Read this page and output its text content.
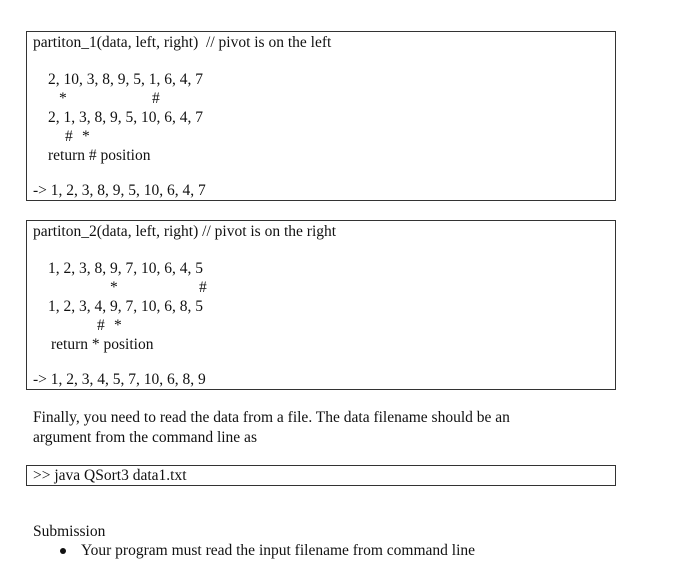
partiton_1(data, left, right)  // pivot is on the left
2, 10, 3, 8, 9, 5, 1, 6, 4, 7
*	#
2, 1, 3, 8, 9, 5, 10, 6, 4, 7
# *
return # position
-> 1, 2, 3, 8, 9, 5, 10, 6, 4, 7
partiton_2(data, left, right) // pivot is on the right
1, 2, 3, 8, 9, 7, 10, 6, 4, 5
*	#
1, 2, 3, 4, 9, 7, 10, 6, 8, 5
# *
return * position
-> 1, 2, 3, 4, 5, 7, 10, 6, 8, 9
Finally, you need to read the data from a file. The data filename should be an
argument from the command line as
>> java QSort3 data1.txt
Submission
Your program must read the input filename from command line
